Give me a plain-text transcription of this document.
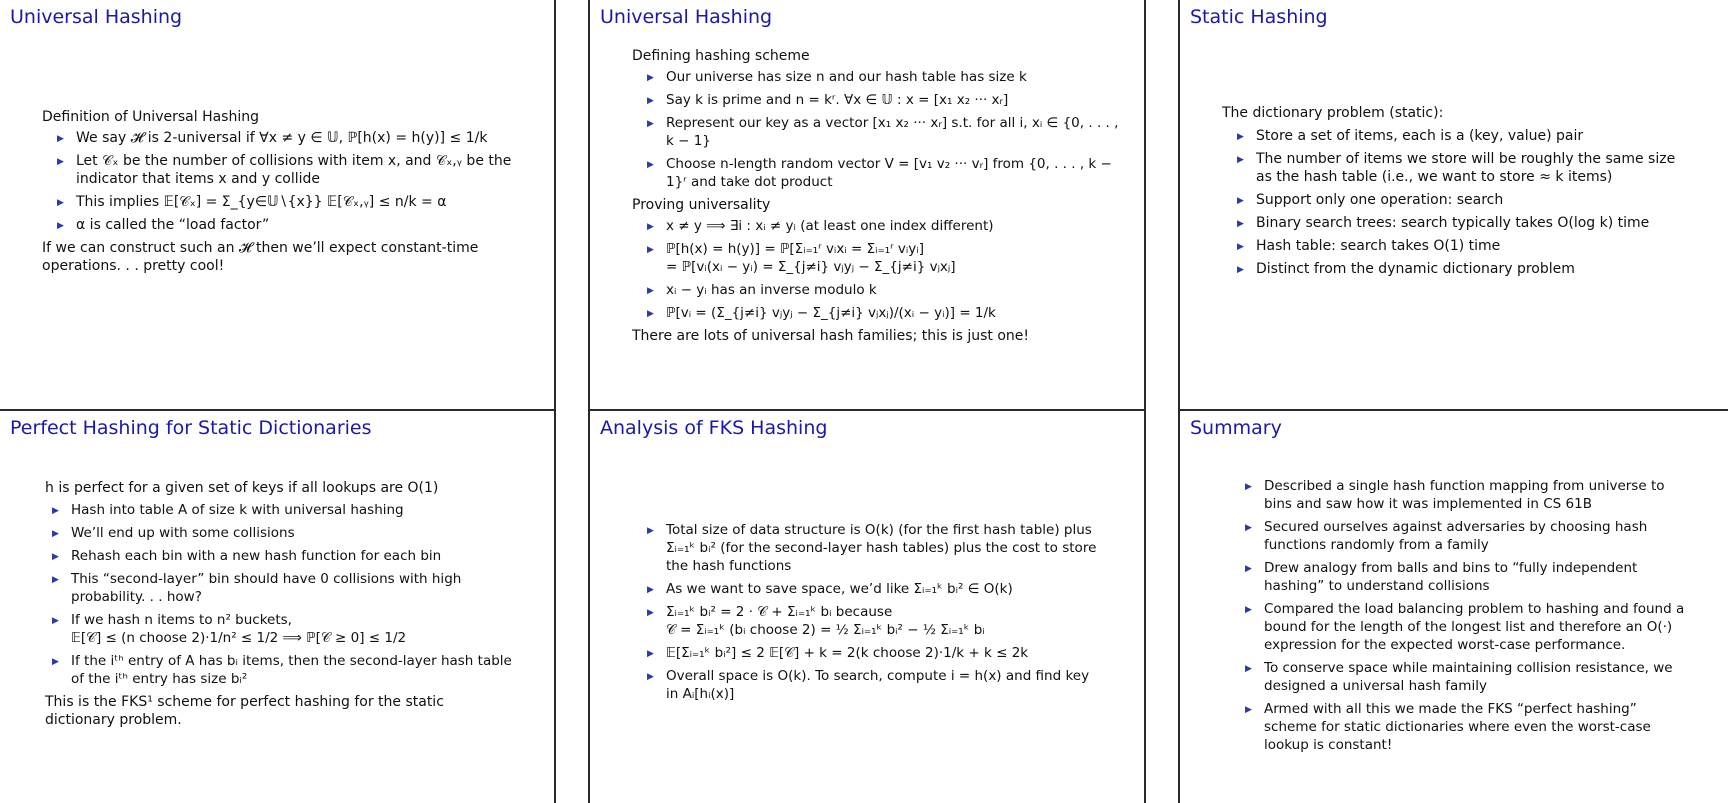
Universal Hashing

Definition of Universal Hashing

▶ We say 𝓗 is 2-universal if ∀x ≠ y ∈ 𝕌, ℙ[h(x) = h(y)] ≤ 1/k
▶ Let 𝒞ₓ be the number of collisions with item x, and 𝒞ₓ,ᵧ be the indicator that items x and y collide
▶ This implies 𝔼[𝒞ₓ] = Σ_{y∈𝕌∖{x}} 𝔼[𝒞ₓ,ᵧ] ≤ n/k = α
▶ α is called the “load factor”

If we can construct such an 𝓗 then we’ll expect constant-time operations. . . pretty cool!

Universal Hashing

Defining hashing scheme

▶ Our universe has size n and our hash table has size k
▶ Say k is prime and n = kʳ. ∀x ∈ 𝕌 : x = [x₁ x₂ ··· xᵣ]
▶ Represent our key as a vector [x₁ x₂ ··· xᵣ] s.t. for all i, xᵢ ∈ {0, . . . , k − 1}
▶ Choose n-length random vector V = [v₁ v₂ ··· vᵣ] from {0, . . . , k − 1}ʳ and take dot product

Proving universality

▶ x ≠ y ⟹ ∃i : xᵢ ≠ yᵢ (at least one index different)
▶ ℙ[h(x) = h(y)] = ℙ[Σᵢ₌₁ʳ vᵢxᵢ = Σᵢ₌₁ʳ vᵢyᵢ]
= ℙ[vᵢ(xᵢ − yᵢ) = Σ_{j≠i} vⱼyⱼ − Σ_{j≠i} vⱼxⱼ]
▶ xᵢ − yᵢ has an inverse modulo k
▶ ℙ[vᵢ = (Σ_{j≠i} vⱼyⱼ − Σ_{j≠i} vⱼxⱼ)/(xᵢ − yᵢ)] = 1/k

There are lots of universal hash families; this is just one!

Static Hashing

The dictionary problem (static):

▶ Store a set of items, each is a (key, value) pair
▶ The number of items we store will be roughly the same size as the hash table (i.e., we want to store ≈ k items)
▶ Support only one operation: search
▶ Binary search trees: search typically takes O(log k) time
▶ Hash table: search takes O(1) time
▶ Distinct from the dynamic dictionary problem
Perfect Hashing for Static Dictionaries

h is perfect for a given set of keys if all lookups are O(1)

▶ Hash into table A of size k with universal hashing
▶ We’ll end up with some collisions
▶ Rehash each bin with a new hash function for each bin
▶ This “second-layer” bin should have 0 collisions with high probability. . . how?
▶ If we hash n items to n² buckets,
𝔼[𝒞] ≤ (n choose 2)·1/n² ≤ 1/2 ⟹ ℙ[𝒞 ≥ 0] ≤ 1/2
▶ If the iᵗʰ entry of A has bᵢ items, then the second-layer hash table of the iᵗʰ entry has size bᵢ²

This is the FKS¹ scheme for perfect hashing for the static dictionary problem.

Analysis of FKS Hashing
▶ Total size of data structure is O(k) (for the first hash table) plus Σᵢ₌₁ᵏ bᵢ² (for the second-layer hash tables) plus the cost to store the hash functions
▶ As we want to save space, we’d like Σᵢ₌₁ᵏ bᵢ² ∈ O(k)
▶ Σᵢ₌₁ᵏ bᵢ² = 2 · 𝒞 + Σᵢ₌₁ᵏ bᵢ because
𝒞 = Σᵢ₌₁ᵏ (bᵢ choose 2) = ½ Σᵢ₌₁ᵏ bᵢ² − ½ Σᵢ₌₁ᵏ bᵢ
▶ 𝔼[Σᵢ₌₁ᵏ bᵢ²] ≤ 2 𝔼[𝒞] + k = 2(k choose 2)·1/k + k ≤ 2k
▶ Overall space is O(k). To search, compute i = h(x) and find key in Aᵢ[hᵢ(x)]
Summary
▶ Described a single hash function mapping from universe to bins and saw how it was implemented in CS 61B
▶ Secured ourselves against adversaries by choosing hash functions randomly from a family
▶ Drew analogy from balls and bins to “fully independent hashing” to understand collisions
▶ Compared the load balancing problem to hashing and found a bound for the length of the longest list and therefore an O(·) expression for the expected worst-case performance.
▶ To conserve space while maintaining collision resistance, we designed a universal hash family
▶ Armed with all this we made the FKS “perfect hashing” scheme for static dictionaries where even the worst-case lookup is constant!
